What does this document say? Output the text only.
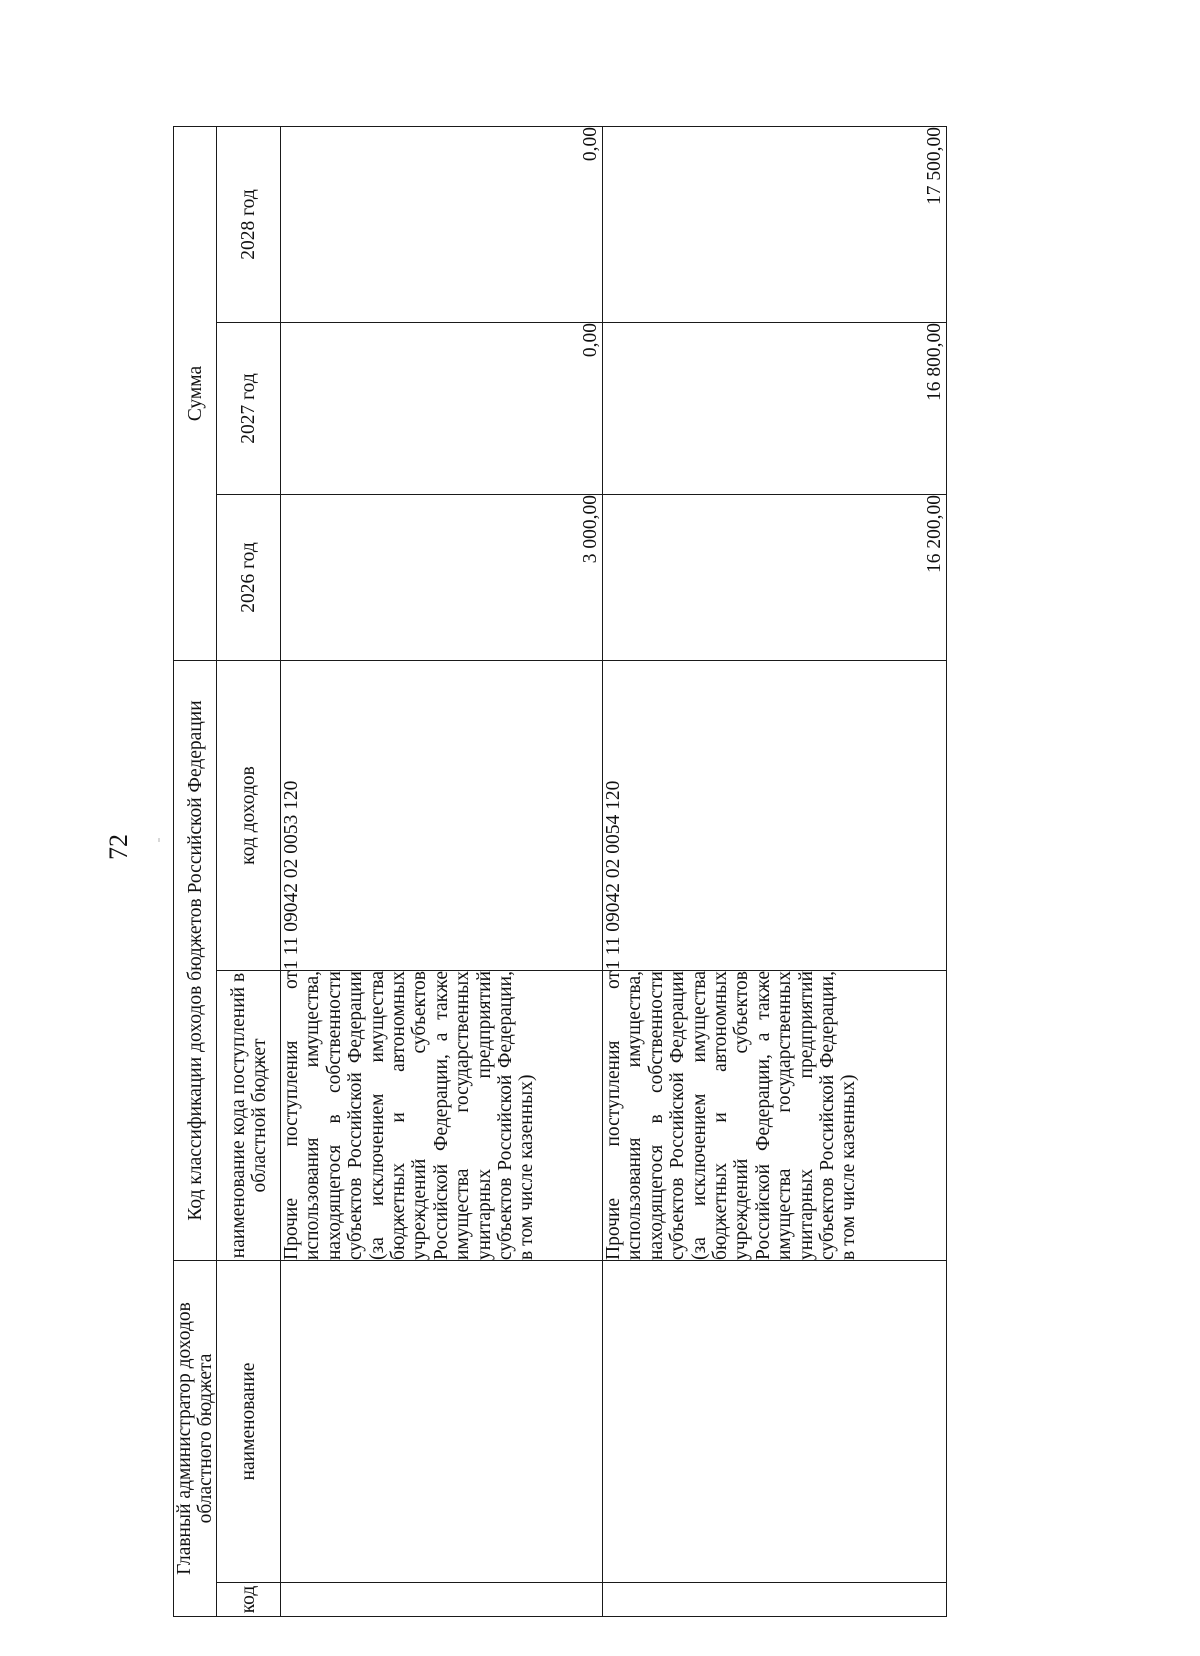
72
Главный администратор доходов областного бюджета		Код классификации доходов бюджетов Российской Федерации		Сумма		
код	наименование	наименование кода поступлений в областной бюджет	код доходов	2026 год	2027 год	2028 год
		Прочие поступления от использования имущества, находящегося в собственности субъектов Российской Федерации (за исключением имущества бюджетных и автономных учреждений субъектов Российской Федерации, а также имущества государственных унитарных предприятий субъектов Российской Федерации, в том числе казенных)	1 11 09042 02 0053 120	3 000,00	0,00	0,00
		Прочие поступления от использования имущества, находящегося в собственности субъектов Российской Федерации (за исключением имущества бюджетных и автономных учреждений субъектов Российской Федерации, а также имущества государственных унитарных предприятий субъектов Российской Федерации, в том числе казенных)	1 11 09042 02 0054 120	16 200,00	16 800,00	17 500,00
